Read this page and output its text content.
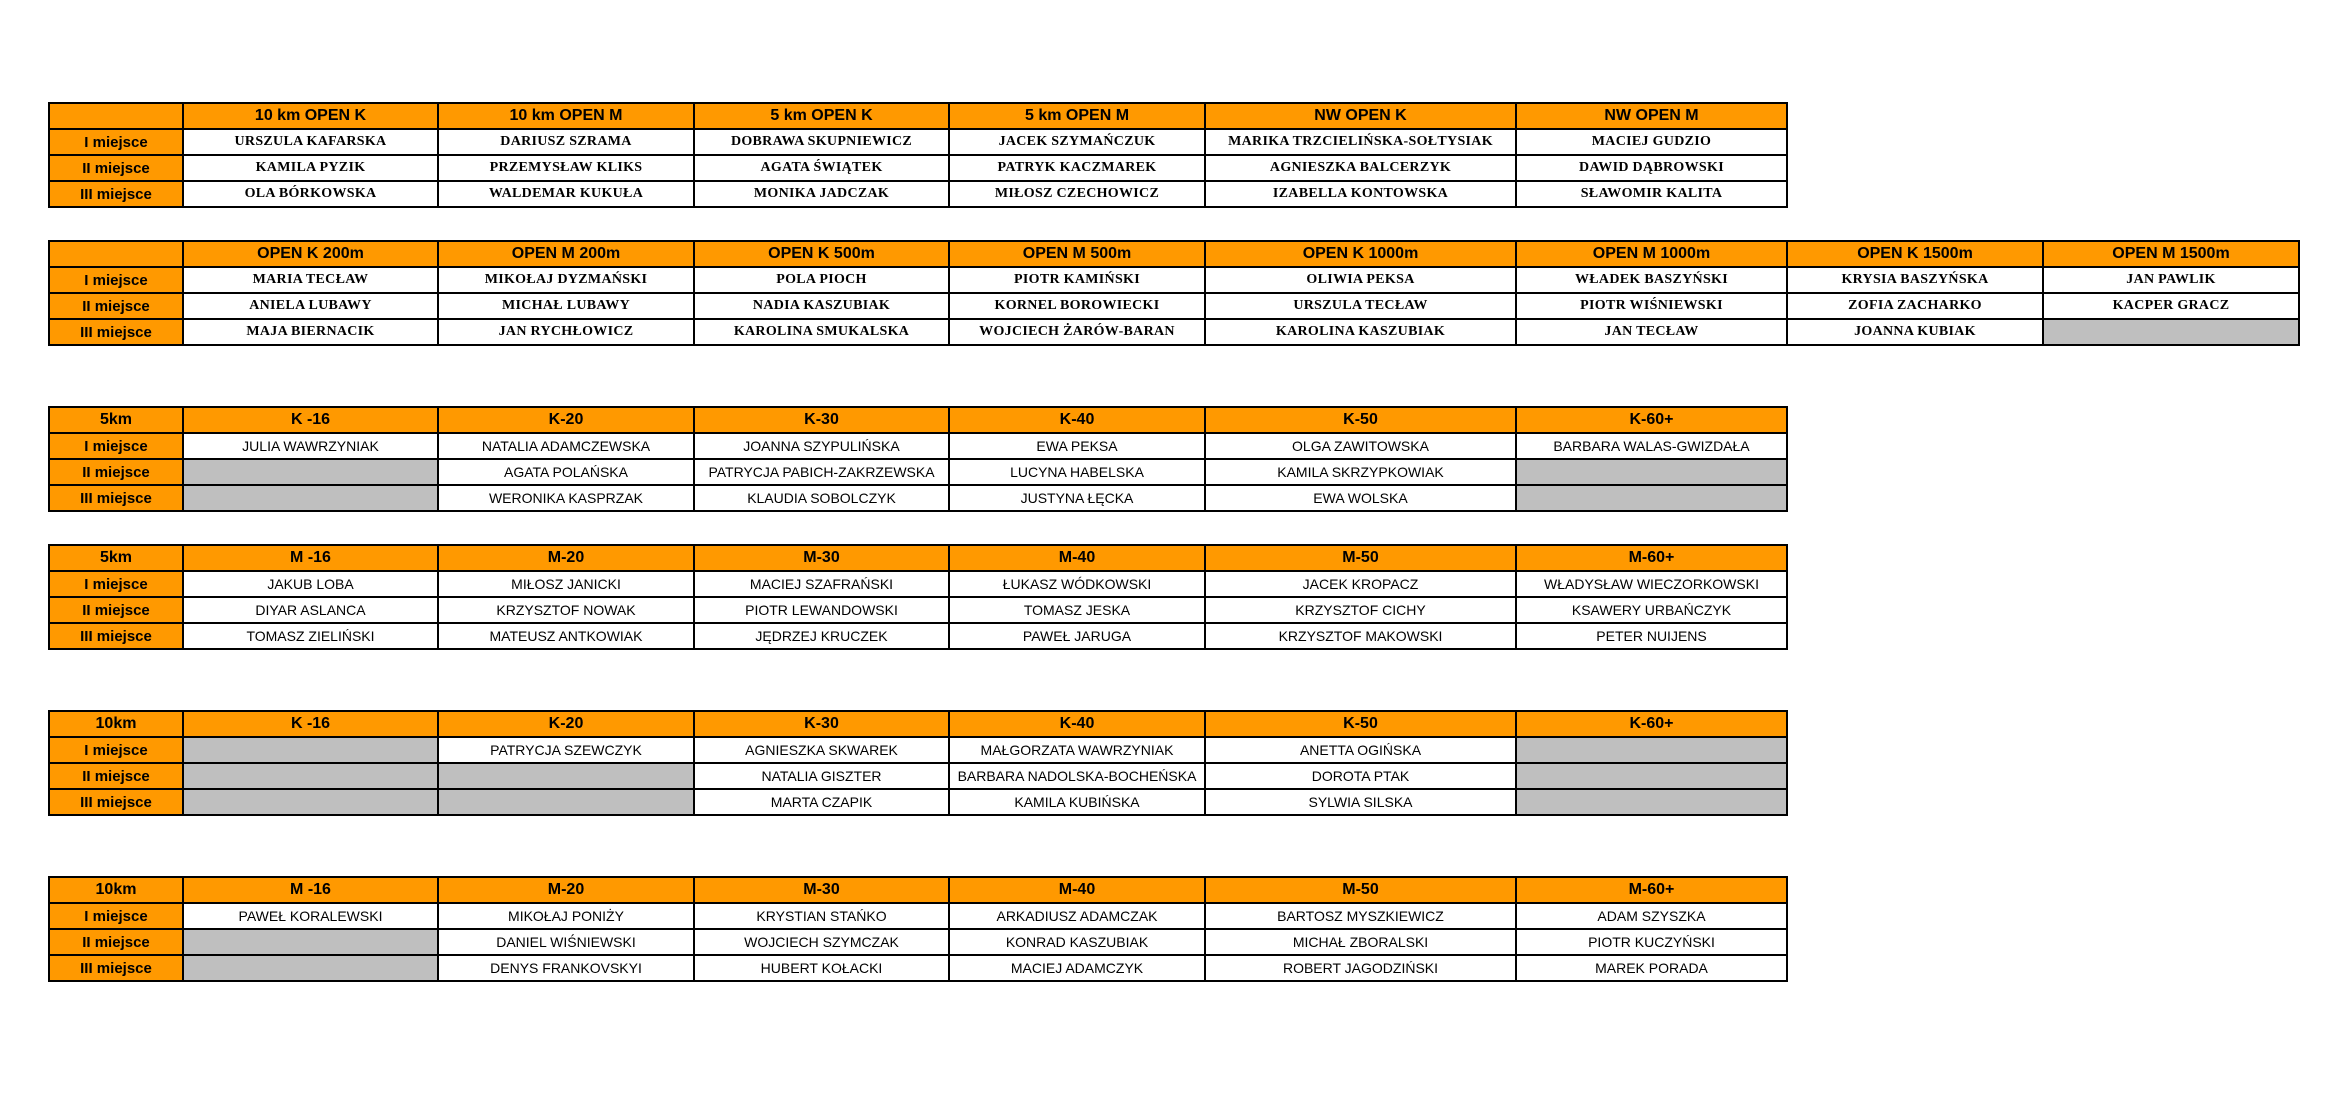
	10 km OPEN K	10 km OPEN M	5 km OPEN K	5 km OPEN M	NW OPEN K	NW OPEN M
I miejsce	URSZULA KAFARSKA	DARIUSZ SZRAMA	DOBRAWA SKUPNIEWICZ	JACEK SZYMAŃCZUK	MARIKA TRZCIELIŃSKA-SOŁTYSIAK	MACIEJ GUDZIO
II miejsce	KAMILA PYZIK	PRZEMYSŁAW KLIKS	AGATA ŚWIĄTEK	PATRYK KACZMAREK	AGNIESZKA BALCERZYK	DAWID DĄBROWSKI
III miejsce	OLA BÓRKOWSKA	WALDEMAR KUKUŁA	MONIKA JADCZAK	MIŁOSZ CZECHOWICZ	IZABELLA KONTOWSKA	SŁAWOMIR KALITA
	OPEN K 200m	OPEN M 200m	OPEN K 500m	OPEN M 500m	OPEN K 1000m	OPEN M 1000m	OPEN K 1500m	OPEN M 1500m
I miejsce	MARIA TECŁAW	MIKOŁAJ DYZMAŃSKI	POLA PIOCH	PIOTR KAMIŃSKI	OLIWIA PEKSA	WŁADEK BASZYŃSKI	KRYSIA BASZYŃSKA	JAN PAWLIK
II miejsce	ANIELA LUBAWY	MICHAŁ LUBAWY	NADIA KASZUBIAK	KORNEL BOROWIECKI	URSZULA TECŁAW	PIOTR WIŚNIEWSKI	ZOFIA ZACHARKO	KACPER GRACZ
III miejsce	MAJA BIERNACIK	JAN RYCHŁOWICZ	KAROLINA SMUKALSKA	WOJCIECH ŻARÓW-BARAN	KAROLINA KASZUBIAK	JAN TECŁAW	JOANNA KUBIAK	
5km	K -16	K-20	K-30	K-40	K-50	K-60+
I miejsce	JULIA WAWRZYNIAK	NATALIA ADAMCZEWSKA	JOANNA SZYPULIŃSKA	EWA PEKSA	OLGA ZAWITOWSKA	BARBARA WALAS-GWIZDAŁA
II miejsce		AGATA POLAŃSKA	PATRYCJA PABICH-ZAKRZEWSKA	LUCYNA HABELSKA	KAMILA SKRZYPKOWIAK	
III miejsce		WERONIKA KASPRZAK	KLAUDIA SOBOLCZYK	JUSTYNA ŁĘCKA	EWA WOLSKA	
5km	M -16	M-20	M-30	M-40	M-50	M-60+
I miejsce	JAKUB LOBA	MIŁOSZ JANICKI	MACIEJ SZAFRAŃSKI	ŁUKASZ WÓDKOWSKI	JACEK KROPACZ	WŁADYSŁAW WIECZORKOWSKI
II miejsce	DIYAR ASLANCA	KRZYSZTOF NOWAK	PIOTR LEWANDOWSKI	TOMASZ JESKA	KRZYSZTOF CICHY	KSAWERY URBAŃCZYK
III miejsce	TOMASZ ZIELIŃSKI	MATEUSZ ANTKOWIAK	JĘDRZEJ KRUCZEK	PAWEŁ JARUGA	KRZYSZTOF MAKOWSKI	PETER NUIJENS
10km	K -16	K-20	K-30	K-40	K-50	K-60+
I miejsce		PATRYCJA SZEWCZYK	AGNIESZKA SKWAREK	MAŁGORZATA WAWRZYNIAK	ANETTA OGIŃSKA	
II miejsce			NATALIA GISZTER	BARBARA NADOLSKA-BOCHEŃSKA	DOROTA PTAK	
III miejsce			MARTA CZAPIK	KAMILA KUBIŃSKA	SYLWIA SILSKA	
10km	M -16	M-20	M-30	M-40	M-50	M-60+
I miejsce	PAWEŁ KORALEWSKI	MIKOŁAJ PONIŻY	KRYSTIAN STAŃKO	ARKADIUSZ ADAMCZAK	BARTOSZ MYSZKIEWICZ	ADAM SZYSZKA
II miejsce		DANIEL WIŚNIEWSKI	WOJCIECH SZYMCZAK	KONRAD KASZUBIAK	MICHAŁ ZBORALSKI	PIOTR KUCZYŃSKI
III miejsce		DENYS FRANKOVSKYI	HUBERT KOŁACKI	MACIEJ ADAMCZYK	ROBERT JAGODZIŃSKI	MAREK PORADA
